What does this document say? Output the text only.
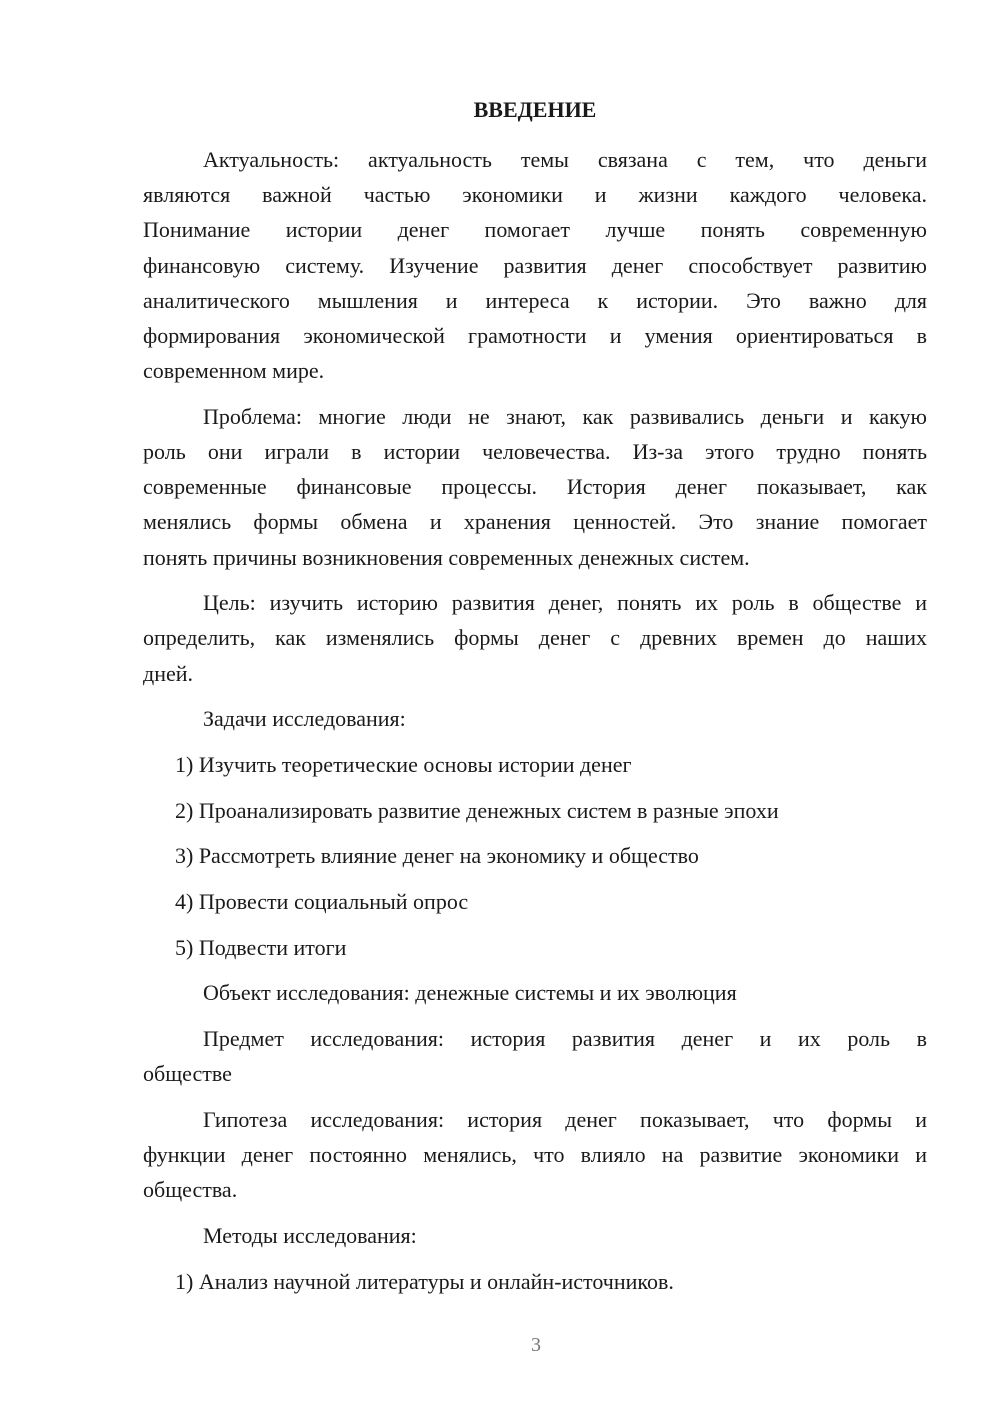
ВВЕДЕНИЕ
Актуальность: актуальность темы связана с тем, что деньги
являются важной частью экономики и жизни каждого человека.
Понимание истории денег помогает лучше понять современную
финансовую систему. Изучение развития денег способствует развитию
аналитического мышления и интереса к истории. Это важно для
формирования экономической грамотности и умения ориентироваться в
современном мире.
Проблема: многие люди не знают, как развивались деньги и какую
роль они играли в истории человечества. Из-за этого трудно понять
современные финансовые процессы. История денег показывает, как
менялись формы обмена и хранения ценностей. Это знание помогает
понять причины возникновения современных денежных систем.
Цель: изучить историю развития денег, понять их роль в обществе и
определить, как изменялись формы денег с древних времен до наших
дней.
Задачи исследования:
1) Изучить теоретические основы истории денег
2) Проанализировать развитие денежных систем в разные эпохи
3) Рассмотреть влияние денег на экономику и общество
4) Провести социальный опрос
5) Подвести итоги
Объект исследования: денежные системы и их эволюция
Предмет исследования: история развития денег и их роль в
обществе
Гипотеза исследования: история денег показывает, что формы и
функции денег постоянно менялись, что влияло на развитие экономики и
общества.
Методы исследования:
1) Анализ научной литературы и онлайн-источников.
3
